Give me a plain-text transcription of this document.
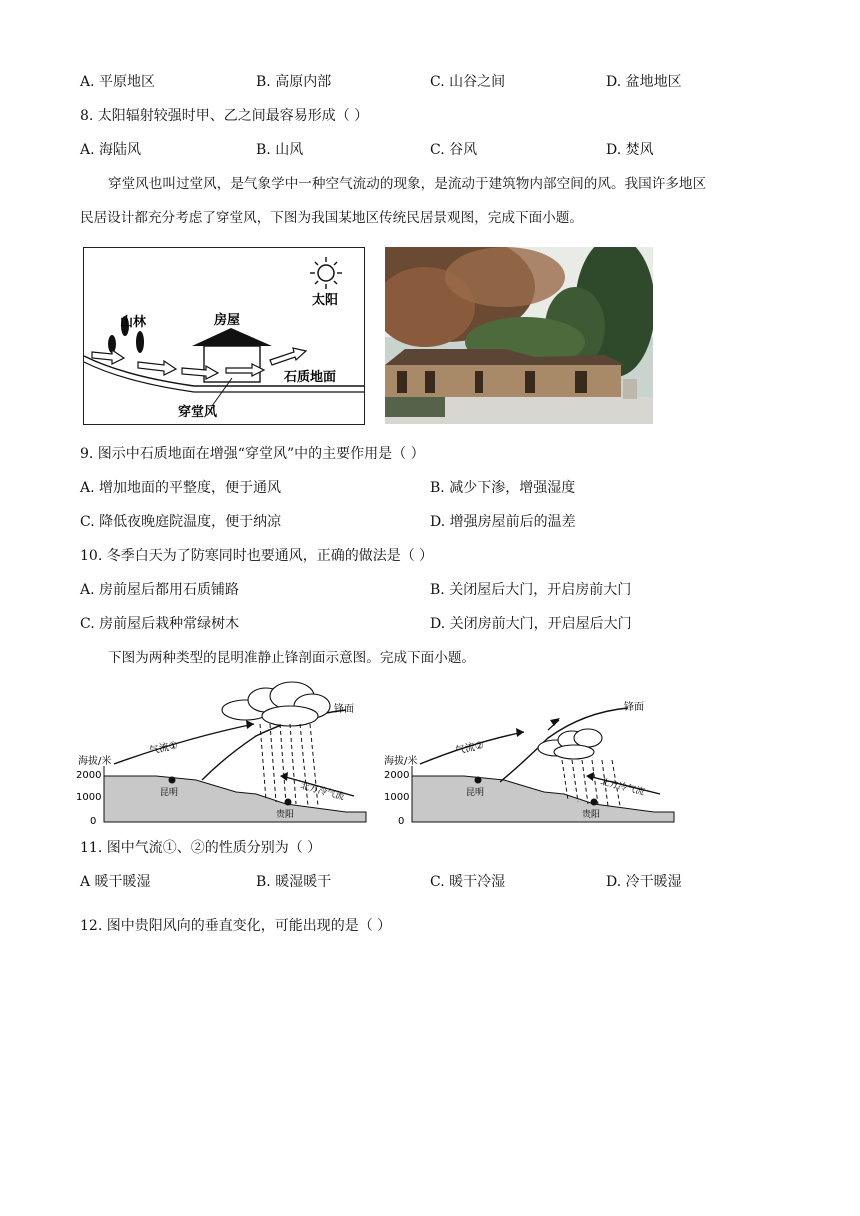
A. 平原地区	B. 高原内部	C. 山谷之间	D. 盆地地区
8. 太阳辐射较强时甲、乙之间最容易形成（ ）
A. 海陆风	B. 山风	C. 谷风	D. 焚风
穿堂风也叫过堂风，是气象学中一种空气流动的现象，是流动于建筑物内部空间的风。我国许多地区
民居设计都充分考虑了穿堂风，下图为我国某地区传统民居景观图，完成下面小题。
太阳
山林	房屋
石质地面
穿堂风
9. 图示中石质地面在增强“穿堂风”中的主要作用是（ ）
A. 增加地面的平整度，便于通风	B. 减少下渗，增强湿度
C. 降低夜晚庭院温度，便于纳凉	D. 增强房屋前后的温差
10. 冬季白天为了防寒同时也要通风，正确的做法是（ ）
A. 房前屋后都用石质铺路	B. 关闭屋后大门，开启房前大门
C. 房前屋后栽种常绿树木	D. 关闭房前大门，开启屋后大门
下图为两种类型的昆明准静止锋剖面示意图。完成下面小题。
海拔/米
2000
1000
0
昆明
贵阳
气流①
锋面
北方冷气流
海拔/米
2000
1000
0
昆明
贵阳
气流②
锋面
北方冷气流
11. 图中气流①、②的性质分别为（ ）
A 暖干暖湿	B. 暖湿暖干	C. 暖干冷湿	D. 冷干暖湿
12. 图中贵阳风向的垂直变化，可能出现的是（ ）
